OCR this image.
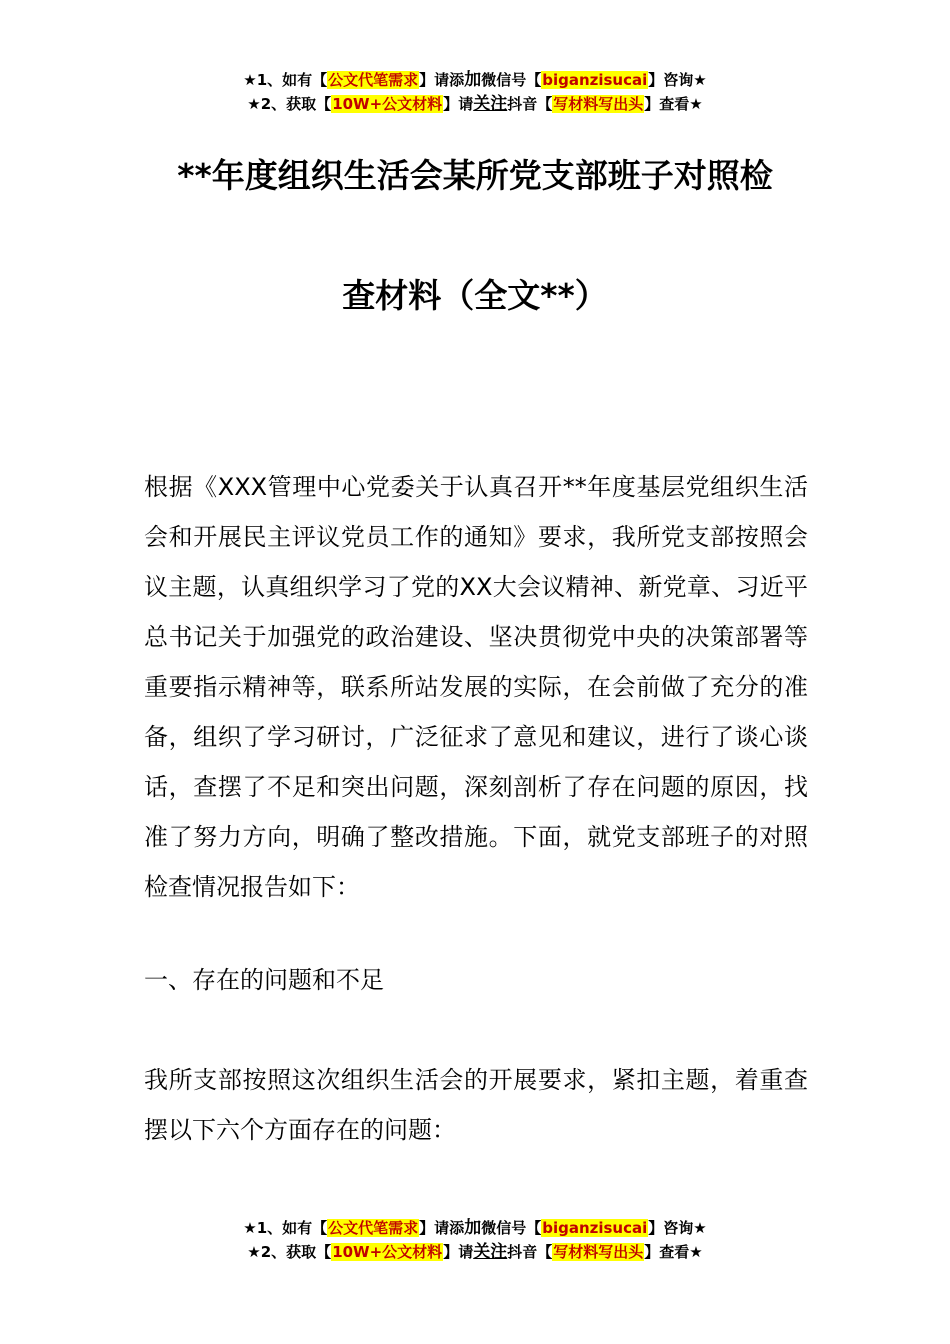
★1、如有【公文代笔需求】请添加微信号【biganzisucai】咨询★
★2、获取【10W+公文材料】请关注抖音【写材料写出头】查看★
**年度组织生活会某所党支部班子对照检
查材料（全文**）
根据《XXX管理中心党委关于认真召开**年度基层党组织生活会和开展民主评议党员工作的通知》要求，我所党支部按照会议主题，认真组织学习了党的XX大会议精神、新党章、习近平总书记关于加强党的政治建设、坚决贯彻党中央的决策部署等重要指示精神等，联系所站发展的实际，在会前做了充分的准备，组织了学习研讨，广泛征求了意见和建议，进行了谈心谈话，查摆了不足和突出问题，深刻剖析了存在问题的原因，找准了努力方向，明确了整改措施。下面，就党支部班子的对照检查情况报告如下：
一、存在的问题和不足
我所支部按照这次组织生活会的开展要求，紧扣主题，着重查摆以下六个方面存在的问题：
★1、如有【公文代笔需求】请添加微信号【biganzisucai】咨询★
★2、获取【10W+公文材料】请关注抖音【写材料写出头】查看★
